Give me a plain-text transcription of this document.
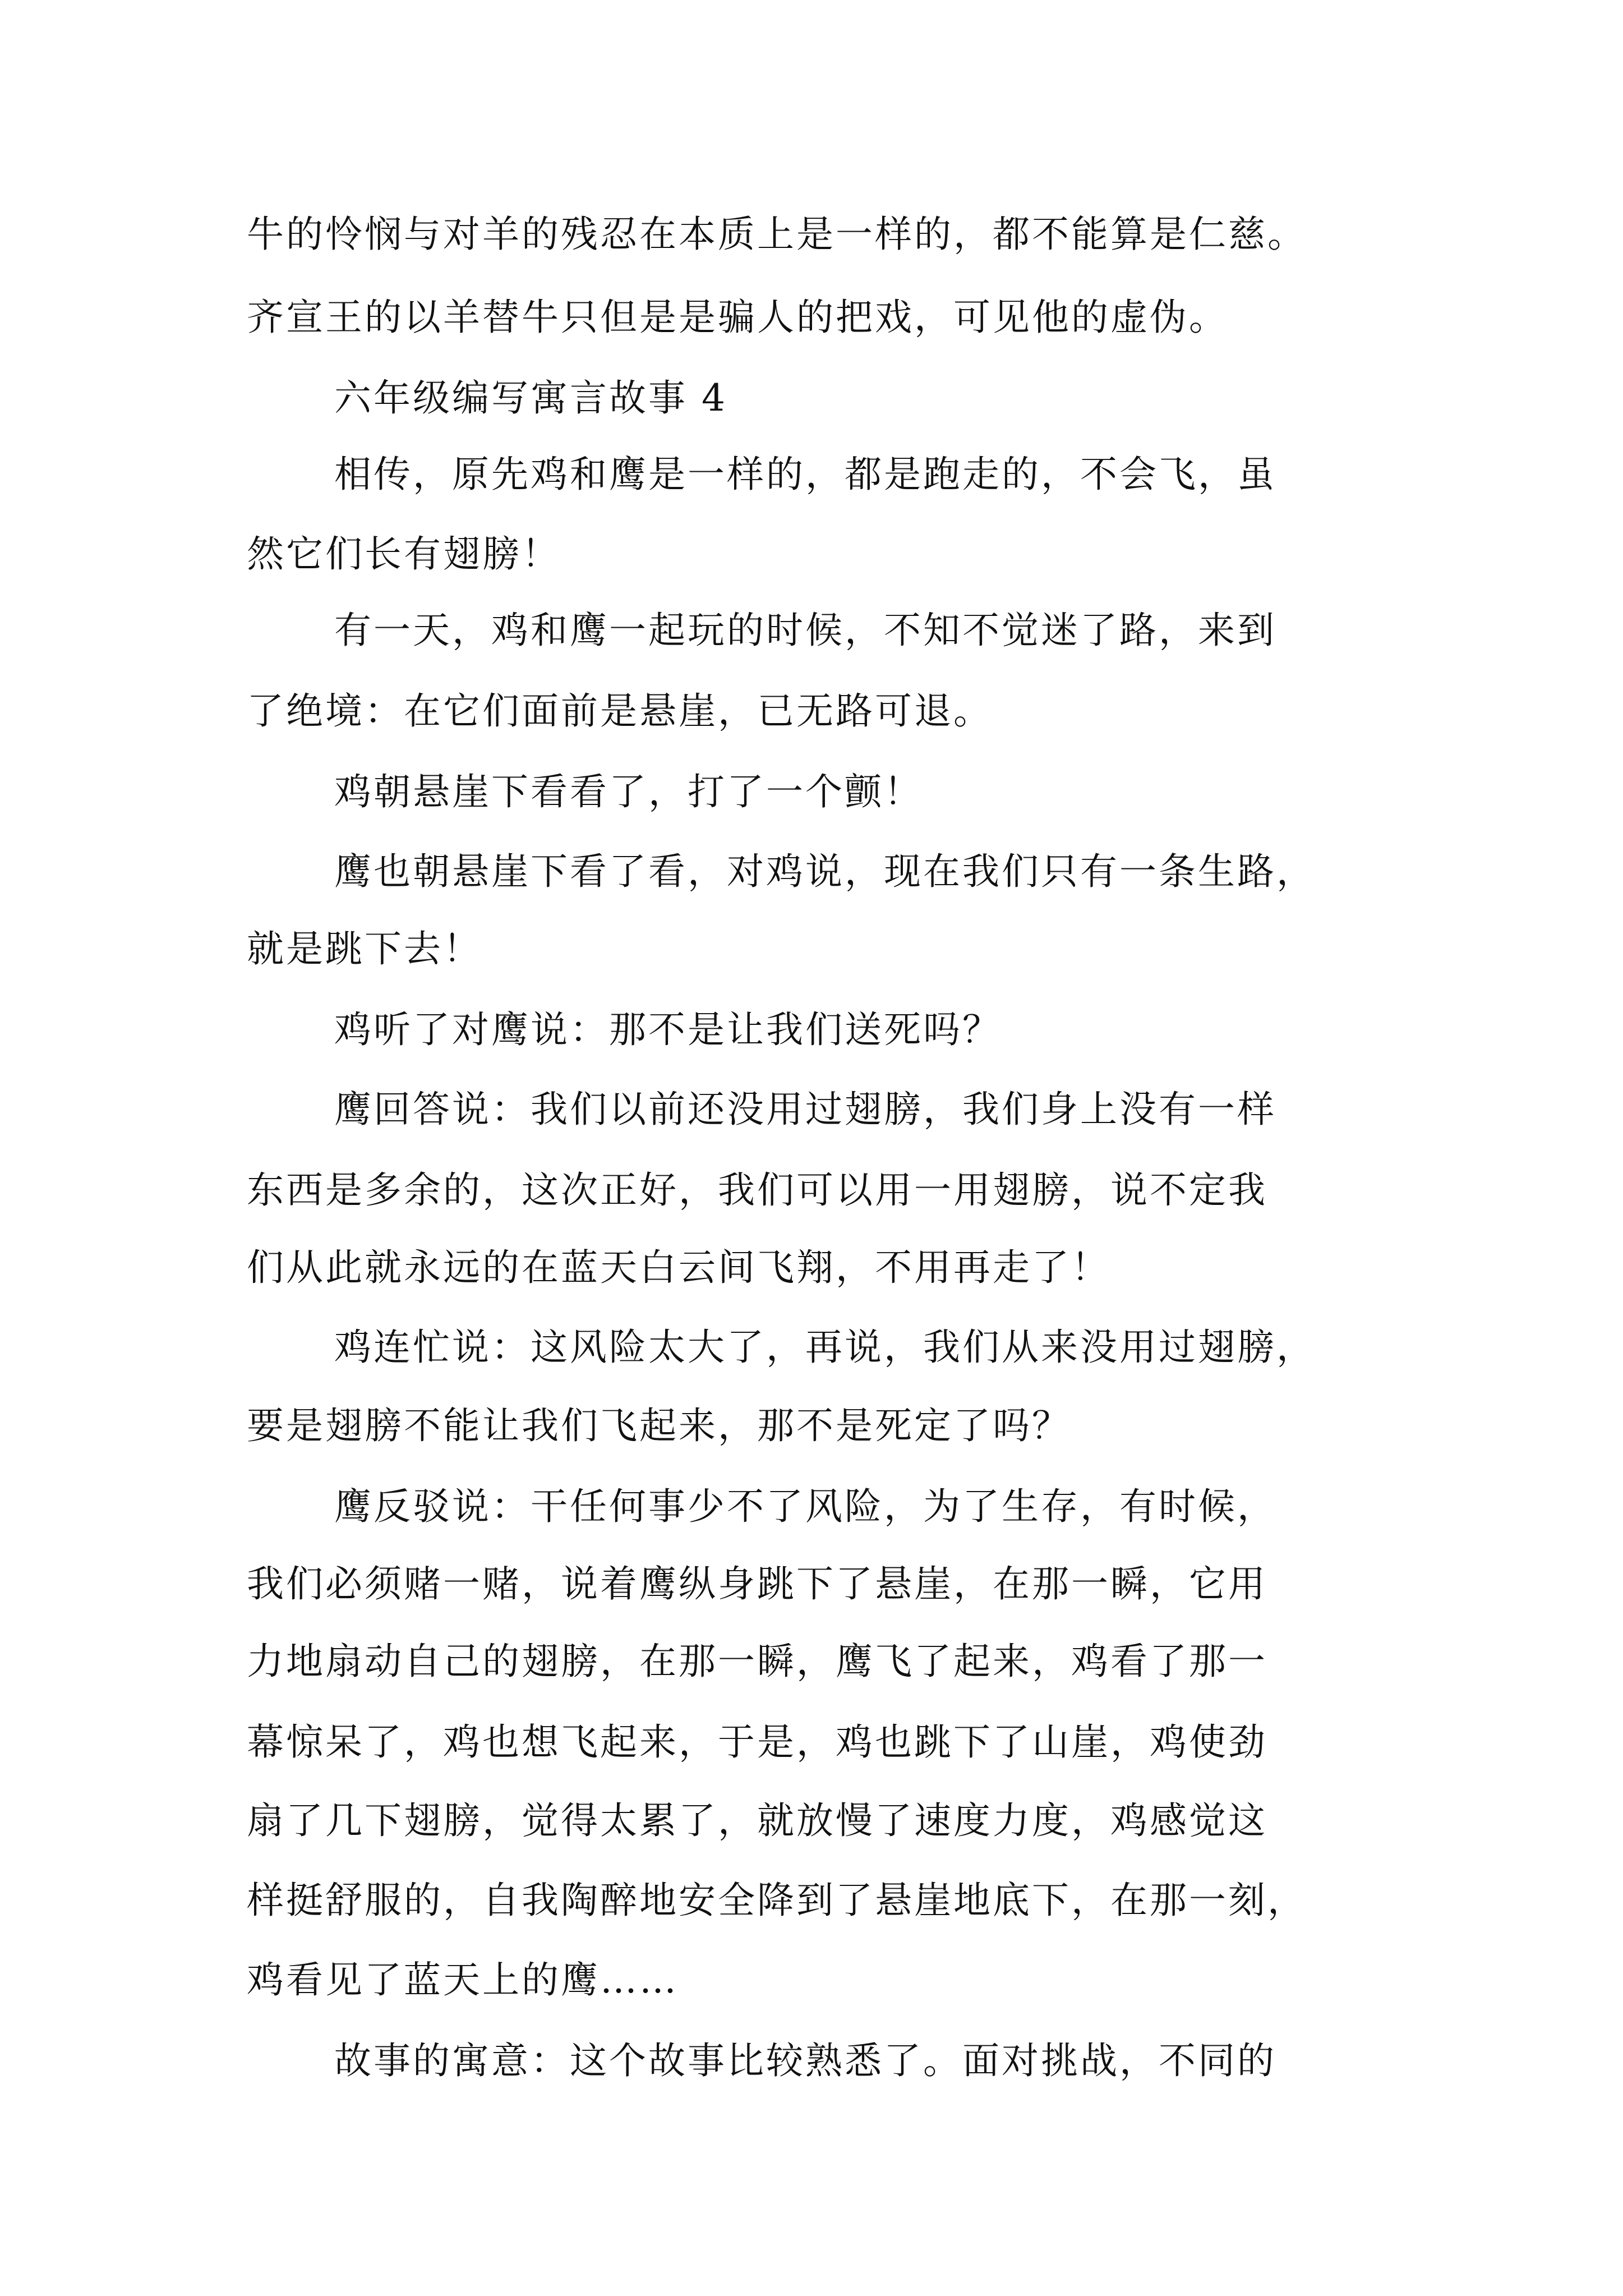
牛的怜悯与对羊的残忍在本质上是一样的，都不能算是仁慈。
齐宣王的以羊替牛只但是是骗人的把戏，可见他的虚伪。
六年级编写寓言故事 4
相传，原先鸡和鹰是一样的，都是跑走的，不会飞，虽
然它们长有翅膀！
有一天，鸡和鹰一起玩的时候，不知不觉迷了路，来到
了绝境：在它们面前是悬崖，已无路可退。
鸡朝悬崖下看看了，打了一个颤！
鹰也朝悬崖下看了看，对鸡说，现在我们只有一条生路，
就是跳下去！
鸡听了对鹰说：那不是让我们送死吗？
鹰回答说：我们以前还没用过翅膀，我们身上没有一样
东西是多余的，这次正好，我们可以用一用翅膀，说不定我
们从此就永远的在蓝天白云间飞翔，不用再走了！
鸡连忙说：这风险太大了，再说，我们从来没用过翅膀，
要是翅膀不能让我们飞起来，那不是死定了吗？
鹰反驳说：干任何事少不了风险，为了生存，有时候，
我们必须赌一赌，说着鹰纵身跳下了悬崖，在那一瞬，它用
力地扇动自己的翅膀，在那一瞬，鹰飞了起来，鸡看了那一
幕惊呆了，鸡也想飞起来，于是，鸡也跳下了山崖，鸡使劲
扇了几下翅膀，觉得太累了，就放慢了速度力度，鸡感觉这
样挺舒服的，自我陶醉地安全降到了悬崖地底下，在那一刻，
鸡看见了蓝天上的鹰……
故事的寓意：这个故事比较熟悉了。面对挑战，不同的
